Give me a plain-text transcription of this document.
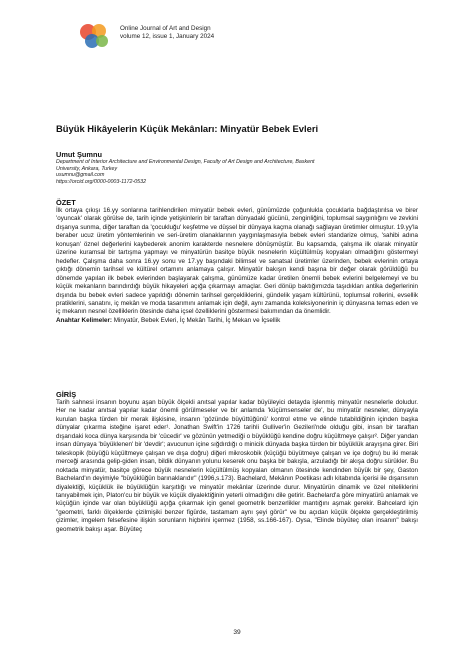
Online Journal of Art and Design
volume 12, issue 1, January 2024
Büyük Hikâyelerin Küçük Mekânları: Minyatür Bebek Evleri
Umut Şumnu
Department of Interior Architecture and Environmental Design, Faculty of Art Design and Architecture, Baskent
University, Ankara, Turkey
usumnu@gmail.com
https://orcid.org/0000-0003-1172-0532
ÖZET

İlk ortaya çıkışı 16.yy sonlarına tarihlendirilen minyatür bebek evleri, günümüzde çoğunlukla çocuklarla bağdaştırılsa ve birer 'oyuncak' olarak görülse de, tarih içinde yetişkinlerin bir taraftan dünyadaki gücünü, zenginliğini, toplumsal saygınlığını ve zevkini dışarıya sunma, diğer taraftan da 'çocukluğu' keşfetme ve düşsel bir dünyaya kaçma olanağı sağlayan üretimler olmuştur. 19.yy'la beraber ucuz üretim yöntemlerinin ve seri-üretim olanaklarının yaygınlaşmasıyla bebek evleri standarize olmuş, 'sahibi adına konuşan' öznel değerlerini kaybederek anonim karakterde nesnelere dönüşmüştür. Bu kapsamda, çalışma ilk olarak minyatür üzerine kuramsal bir tartışma yapmayı ve minyatürün basitçe büyük nesnelerin küçültülmüş kopyaları olmadığını göstermeyi hedefler. Çalışma daha sonra 16.yy sonu ve 17.yy başındaki bilimsel ve sanatsal üretimler üzerinden, bebek evlerinin ortaya çıktığı dönemin tarihsel ve kültürel ortamını anlamaya çalışır. Minyatür bakışın kendi başına bir değer olarak görüldüğü bu dönemde yapılan ilk bebek evlerinden başlayarak çalışma, günümüze kadar üretilen önemli bebek evlerini belgelemeyi ve bu küçük mekanların barındırdığı büyük hikayeleri açığa çıkarmayı amaçlar. Geri dönüp baktığımızda taşıdıkları antika değerlerinin dışında bu bebek evleri sadece yapıldığı dönemin tarihsel gerçekliklerini, gündelik yaşam kültürünü, toplumsal rollerini, evsellik pratiklerini, sanatını, iç mekân ve moda tasarımını anlamak için değil, aynı zamanda koleksiyonerinin iç dünyasına temas eden ve iç mekanın nesnel özelliklerin ötesinde daha içsel özelliklerini göstermesi bakımından da önemlidir.

Anahtar Kelimeler: Minyatür, Bebek Evleri, İç Mekân Tarihi, İç Mekan ve İçsellik

GİRİŞ

Tarih sahnesi insanın boyunu aşan büyük ölçekli anıtsal yapılar kadar büyüleyici detayda işlenmiş minyatür nesnelerle doludur. Her ne kadar anıtsal yapılar kadar önemli görülmeseler ve bir anlamda 'küçümsenseler de', bu minyatür nesneler, dünyayla kurulan başka türden bir merak ilişkisine, insanın 'gözünde büyüttüğünü' kontrol etme ve elinde tutabildiğinin içinden başka dünyalar çıkarma isteğine işaret eder¹. Jonathan Swift'in 1726 tarihli Gulliver'in Gezileri'nde olduğu gibi, insan bir taraftan dışarıdaki koca dünya karşısında bir 'cücedir' ve gözünün yetmediği o büyüklüğü kendine doğru küçültmeye çalışır². Diğer yandan insan dünyaya 'büyüklenen' bir 'devdir'; avucunun içine sığdırdığı o minicik dünyada başka türden bir büyüklük arayışına girer. Biri teleskopik (büyüğü küçültmeye çalışan ve dışa doğru) diğeri mikroskobik (küçüğü büyütmeye çalışan ve içe doğru) bu iki merak merceği arasında gelip-giden insan, bildik dünyanın yolunu keserek onu başka bir bakışla, arzuladığı bir akışa doğru sürükler. Bu noktada minyatür, basitçe görece büyük nesnelerin küçültülmüş kopyaları olmanın ötesinde kendinden büyük bir şey, Gaston Bachelard'ın deyimiyle "büyüklüğün barınaklarıdır" (1996,s.173). Bachelard, Mekânın Poetikası adlı kitabında içerisi ile dışarısının diyalektiği, küçüklük ile büyüklüğün karşıtlığı ve minyatür mekânlar üzerinde durur. Minyatürün dinamik ve özel niteliklerini tanıyabilmek için, Platon'cu bir büyük ve küçük diyalektiğinin yeterli olmadığını dile getirir. Bachelard'a göre minyatürü anlamak ve küçüğün içinde var olan büyüklüğü açığa çıkarmak için genel geometrik benzerlikler mantığını aşmak gerekir. Bahcelard için "geometri, farklı ölçeklerde çizilmişiki benzer figürde, tastamam aynı şeyi görür" ve bu açıdan küçük ölçekte gerçekleştirilmiş çizimler, imgelem felsefesine ilişkin sorunların hiçbirini içermez (1958, ss.166-167). Oysa, "Elinde büyüteç olan insanın" bakışı geometrik bakışı aşar. Büyüteç

39
